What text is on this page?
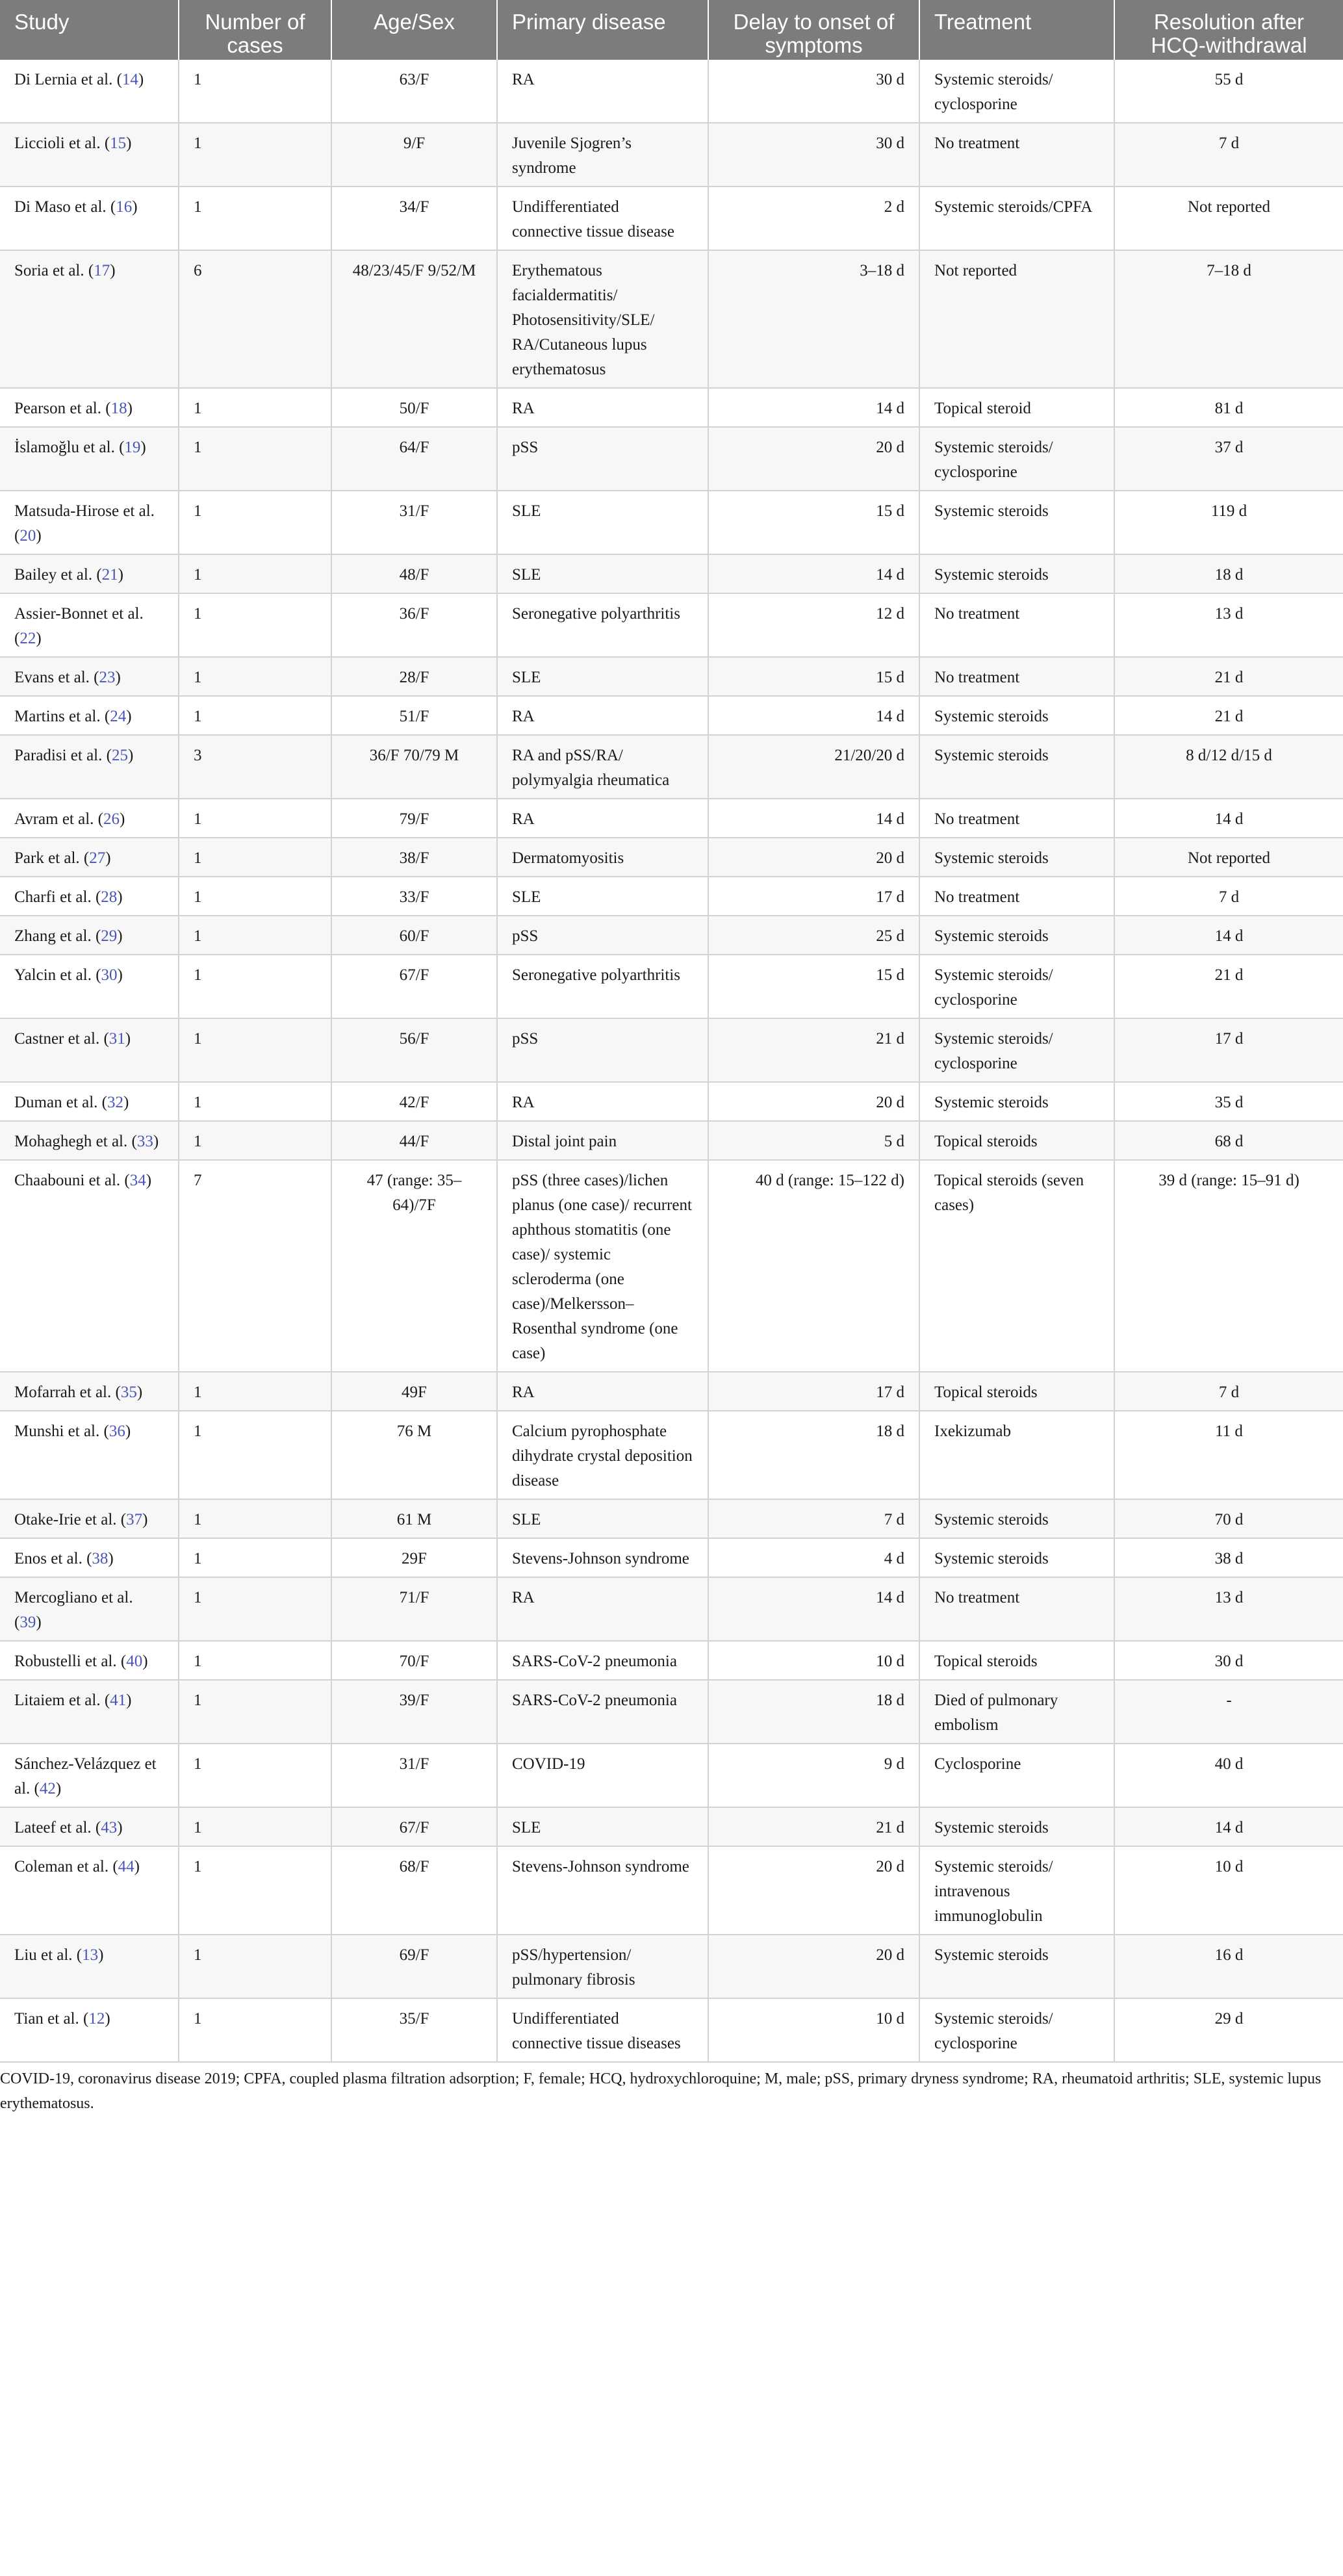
Study	Number of cases	Age/Sex	Primary disease	Delay to onset of symptoms	Treatment	Resolution after HCQ-withdrawal
Di Lernia et al. (14)	1	63/F	RA	30 d	Systemic steroids/ cyclosporine	55 d
Liccioli et al. (15)	1	9/F	Juvenile Sjogren’s syndrome	30 d	No treatment	7 d
Di Maso et al. (16)	1	34/F	Undifferentiated connective tissue disease	2 d	Systemic steroids/CPFA	Not reported
Soria et al. (17)	6	48/23/45/F 9/52/M	Erythematous facialdermatitis/ Photosensitivity/SLE/ RA/Cutaneous lupus erythematosus	3–18 d	Not reported	7–18 d
Pearson et al. (18)	1	50/F	RA	14 d	Topical steroid	81 d
İslamoğlu et al. (19)	1	64/F	pSS	20 d	Systemic steroids/ cyclosporine	37 d
Matsuda-Hirose et al. (20)	1	31/F	SLE	15 d	Systemic steroids	119 d
Bailey et al. (21)	1	48/F	SLE	14 d	Systemic steroids	18 d
Assier-Bonnet et al. (22)	1	36/F	Seronegative polyarthritis	12 d	No treatment	13 d
Evans et al. (23)	1	28/F	SLE	15 d	No treatment	21 d
Martins et al. (24)	1	51/F	RA	14 d	Systemic steroids	21 d
Paradisi et al. (25)	3	36/F 70/79 M	RA and pSS/RA/ polymyalgia rheumatica	21/20/20 d	Systemic steroids	8 d/12 d/15 d
Avram et al. (26)	1	79/F	RA	14 d	No treatment	14 d
Park et al. (27)	1	38/F	Dermatomyositis	20 d	Systemic steroids	Not reported
Charfi et al. (28)	1	33/F	SLE	17 d	No treatment	7 d
Zhang et al. (29)	1	60/F	pSS	25 d	Systemic steroids	14 d
Yalcin et al. (30)	1	67/F	Seronegative polyarthritis	15 d	Systemic steroids/ cyclosporine	21 d
Castner et al. (31)	1	56/F	pSS	21 d	Systemic steroids/ cyclosporine	17 d
Duman et al. (32)	1	42/F	RA	20 d	Systemic steroids	35 d
Mohaghegh et al. (33)	1	44/F	Distal joint pain	5 d	Topical steroids	68 d
Chaabouni et al. (34)	7	47 (range: 35–64)/7F	pSS (three cases)/lichen planus (one case)/ recurrent aphthous stomatitis (one case)/ systemic scleroderma (one case)/Melkersson–Rosenthal syndrome (one case)	40 d (range: 15–122 d)	Topical steroids (seven cases)	39 d (range: 15–91 d)
Mofarrah et al. (35)	1	49F	RA	17 d	Topical steroids	7 d
Munshi et al. (36)	1	76 M	Calcium pyrophosphate dihydrate crystal deposition disease	18 d	Ixekizumab	11 d
Otake-Irie et al. (37)	1	61 M	SLE	7 d	Systemic steroids	70 d
Enos et al. (38)	1	29F	Stevens-Johnson syndrome	4 d	Systemic steroids	38 d
Mercogliano et al. (39)	1	71/F	RA	14 d	No treatment	13 d
Robustelli et al. (40)	1	70/F	SARS-CoV-2 pneumonia	10 d	Topical steroids	30 d
Litaiem et al. (41)	1	39/F	SARS-CoV-2 pneumonia	18 d	Died of pulmonary embolism	-
Sánchez-Velázquez et al. (42)	1	31/F	COVID-19	9 d	Cyclosporine	40 d
Lateef et al. (43)	1	67/F	SLE	21 d	Systemic steroids	14 d
Coleman et al. (44)	1	68/F	Stevens-Johnson syndrome	20 d	Systemic steroids/ intravenous immunoglobulin	10 d
Liu et al. (13)	1	69/F	pSS/hypertension/ pulmonary fibrosis	20 d	Systemic steroids	16 d
Tian et al. (12)	1	35/F	Undifferentiated connective tissue diseases	10 d	Systemic steroids/ cyclosporine	29 d

COVID-19, coronavirus disease 2019; CPFA, coupled plasma filtration adsorption; F, female; HCQ, hydroxychloroquine; M, male; pSS, primary dryness syndrome; RA, rheumatoid arthritis; SLE, systemic lupus erythematosus.
